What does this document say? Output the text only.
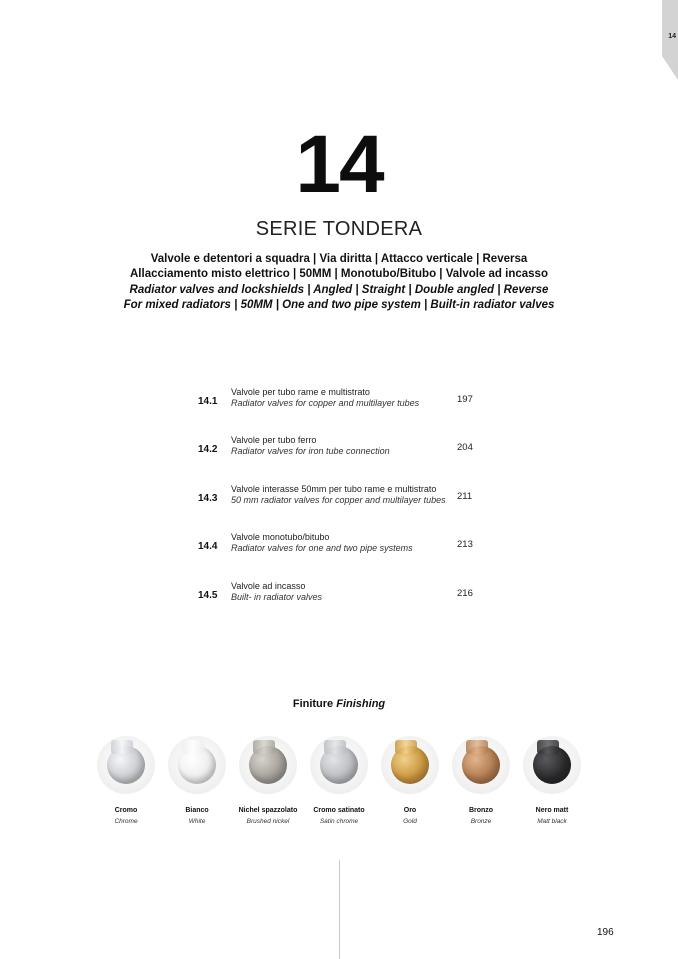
14
14
SERIE TONDERA
Valvole e detentori a squadra | Via diritta | Attacco verticale | Reversa
Allacciamento misto elettrico | 50MM | Monotubo/Bitubo | Valvole ad incasso
Radiator valves and lockshields | Angled | Straight | Double angled | Reverse
For mixed radiators | 50MM | One and two pipe system | Built-in radiator valves
14.1
Valvole per tubo rame e multistrato
Radiator valves for copper and multilayer tubes	197
14.2
Valvole per tubo ferro
Radiator valves for iron tube connection	204
14.3
Valvole interasse 50mm per tubo rame e multistrato
50 mm radiator valves for copper and multilayer tubes 211
14.4
Valvole monotubo/bitubo
Radiator valves for one and two pipe systems	213
14.5
Valvole ad incasso
Built- in radiator valves	216
Finiture Finishing
Cromo
Chrome
Bianco
White
Nichel spazzolato
Brushed nickel
Cromo satinato
Satin chrome
Oro
Gold
Bronzo
Bronze
Nero matt
Matt black
196
